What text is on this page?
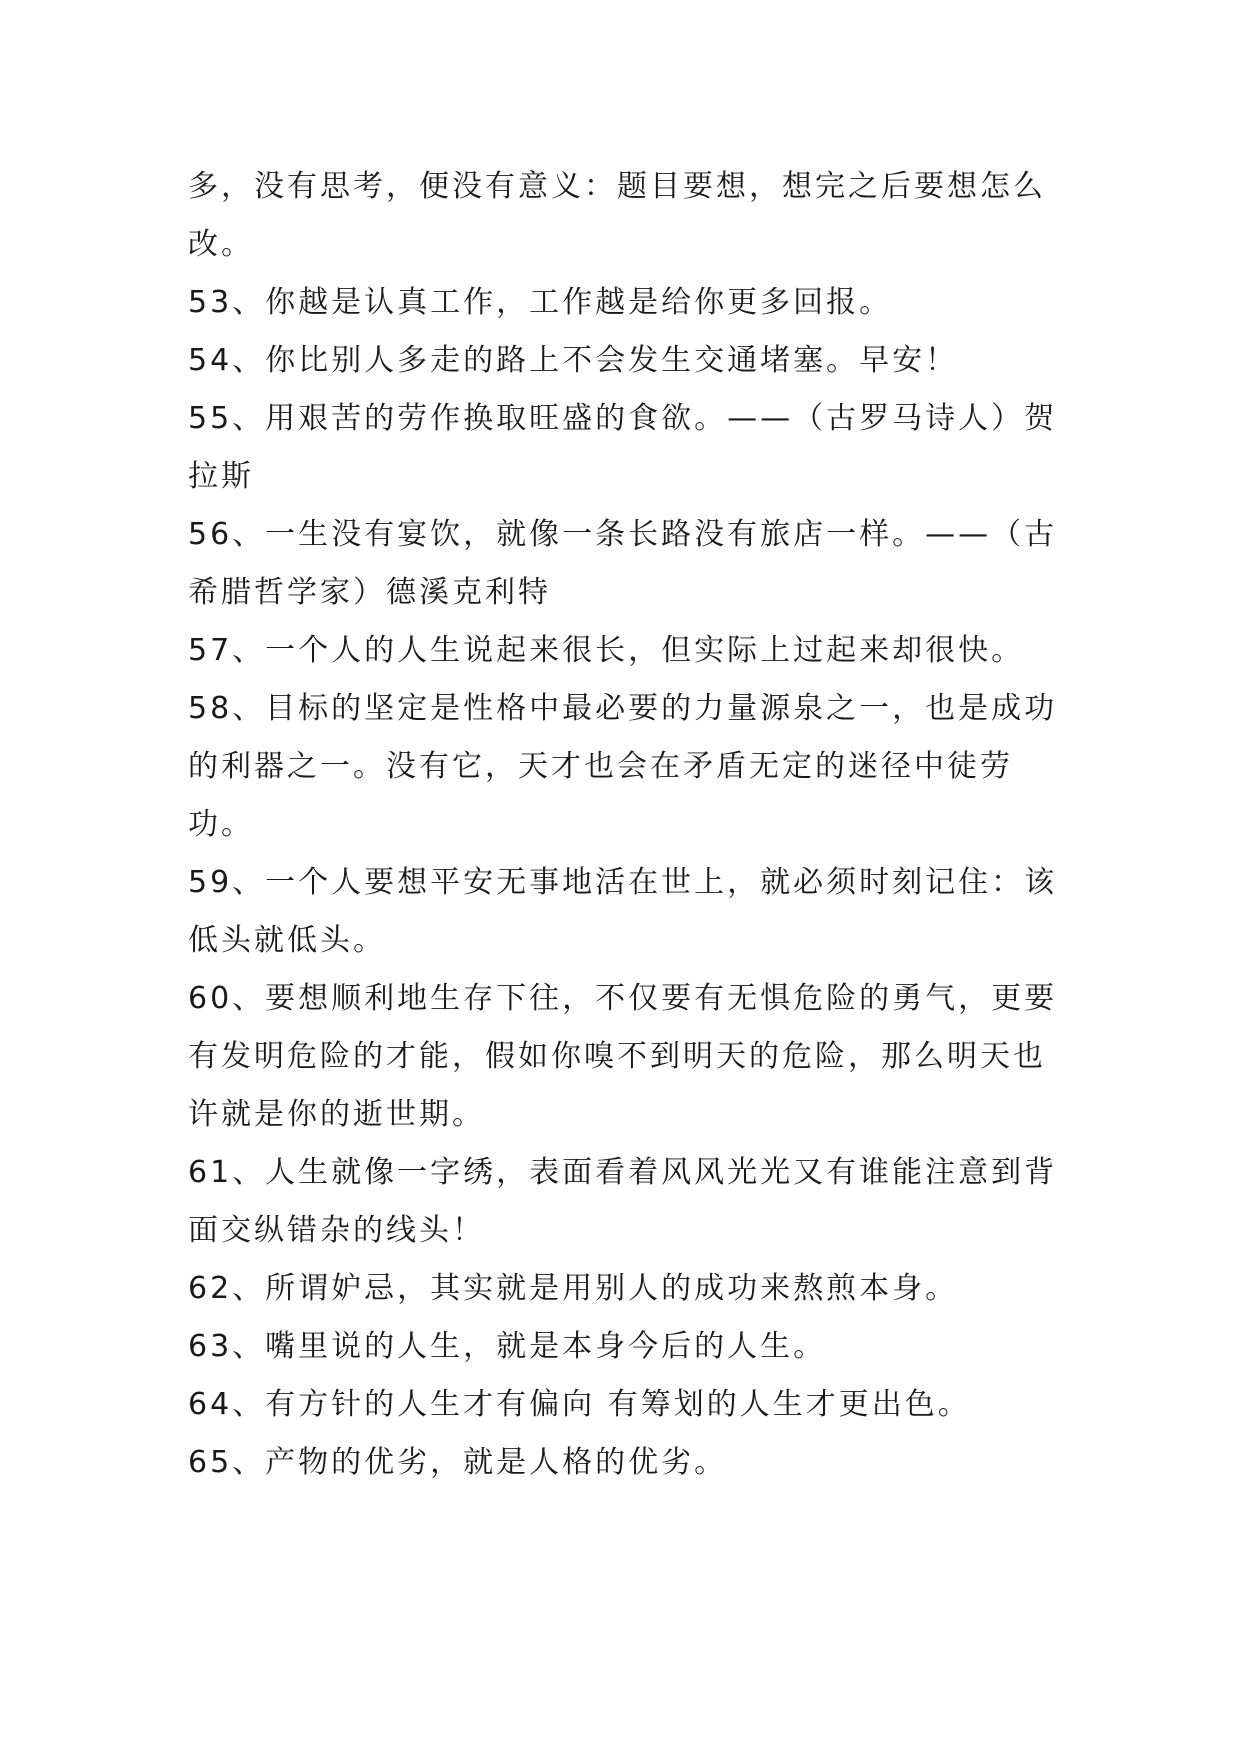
多，没有思考，便没有意义：题目要想，想完之后要想怎么改。

53、你越是认真工作，工作越是给你更多回报。

54、你比别人多走的路上不会发生交通堵塞。早安！

55、用艰苦的劳作换取旺盛的食欲。——（古罗马诗人）贺拉斯

56、一生没有宴饮，就像一条长路没有旅店一样。——（古希腊哲学家）德溪克利特

57、一个人的人生说起来很长，但实际上过起来却很快。

58、目标的坚定是性格中最必要的力量源泉之一，也是成功的利器之一。没有它，天才也会在矛盾无定的迷径中徒劳功。

59、一个人要想平安无事地活在世上，就必须时刻记住：该低头就低头。

60、要想顺利地生存下往，不仅要有无惧危险的勇气，更要有发明危险的才能，假如你嗅不到明天的危险，那么明天也许就是你的逝世期。

61、人生就像一字绣，表面看着风风光光又有谁能注意到背面交纵错杂的线头！

62、所谓妒忌，其实就是用别人的成功来熬煎本身。

63、嘴里说的人生，就是本身今后的人生。

64、有方针的人生才有偏向 有筹划的人生才更出色。

65、产物的优劣，就是人格的优劣。
